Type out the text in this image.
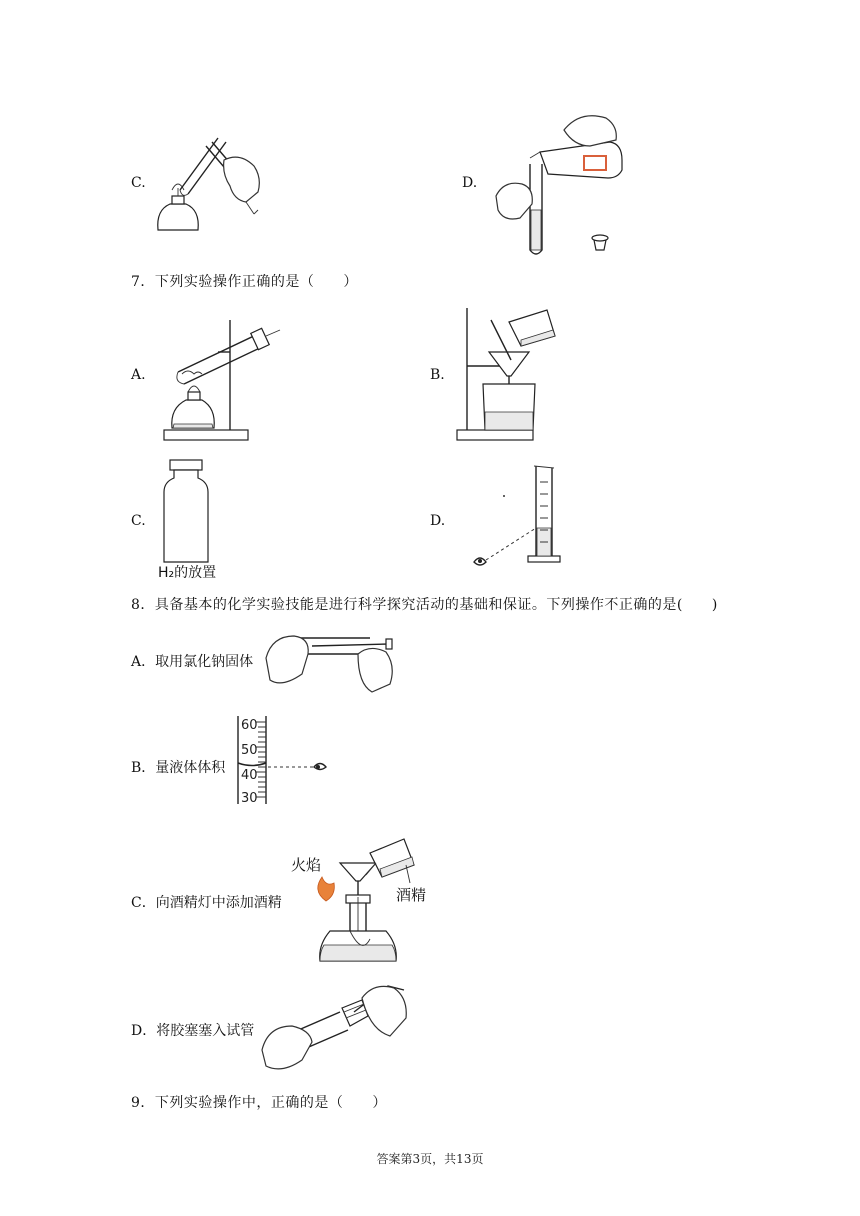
C.	D.
7．下列实验操作正确的是（　　）
A.	B.
C.
H₂的放置
D.
8．具备基本的化学实验技能是进行科学探究活动的基础和保证。下列操作不正确的是(　　)
A．取用氯化钠固体
B．量液体体积
60
50
40
30
C．向酒精灯中添加酒精
火焰
酒精
D．将胶塞塞入试管
9．下列实验操作中，正确的是（　　）
答案第3页，共13页
